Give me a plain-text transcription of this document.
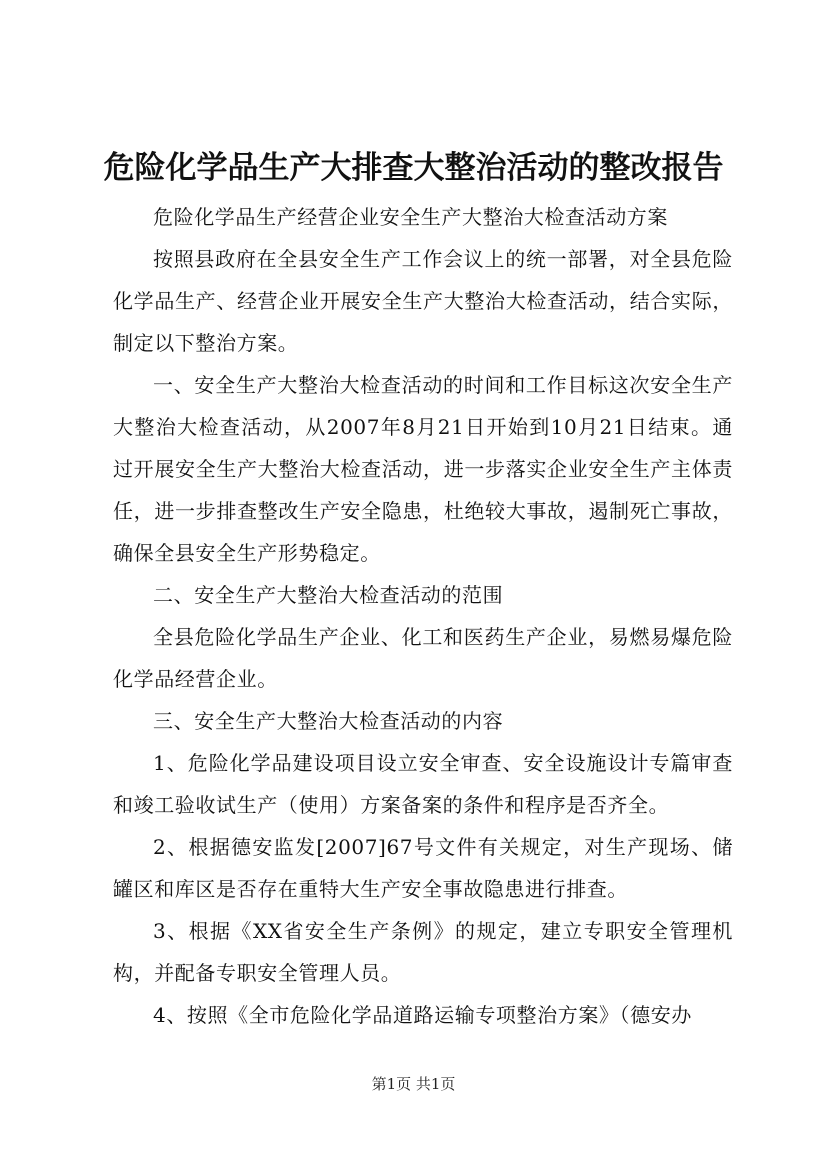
危险化学品生产大排查大整治活动的整改报告

危险化学品生产经营企业安全生产大整治大检查活动方案

按照县政府在全县安全生产工作会议上的统一部署，对全县危险化学品生产、经营企业开展安全生产大整治大检查活动，结合实际，制定以下整治方案。

一、安全生产大整治大检查活动的时间和工作目标这次安全生产大整治大检查活动，从2007年8月21日开始到10月21日结束。通过开展安全生产大整治大检查活动，进一步落实企业安全生产主体责任，进一步排查整改生产安全隐患，杜绝较大事故，遏制死亡事故，确保全县安全生产形势稳定。

二、安全生产大整治大检查活动的范围

全县危险化学品生产企业、化工和医药生产企业，易燃易爆危险化学品经营企业。

三、安全生产大整治大检查活动的内容

1、危险化学品建设项目设立安全审查、安全设施设计专篇审查和竣工验收试生产（使用）方案备案的条件和程序是否齐全。

2、根据德安监发[2007]67号文件有关规定，对生产现场、储罐区和库区是否存在重特大生产安全事故隐患进行排查。

3、根据《XX省安全生产条例》的规定，建立专职安全管理机构，并配备专职安全管理人员。

4、按照《全市危险化学品道路运输专项整治方案》（德安办

第1页 共1页
